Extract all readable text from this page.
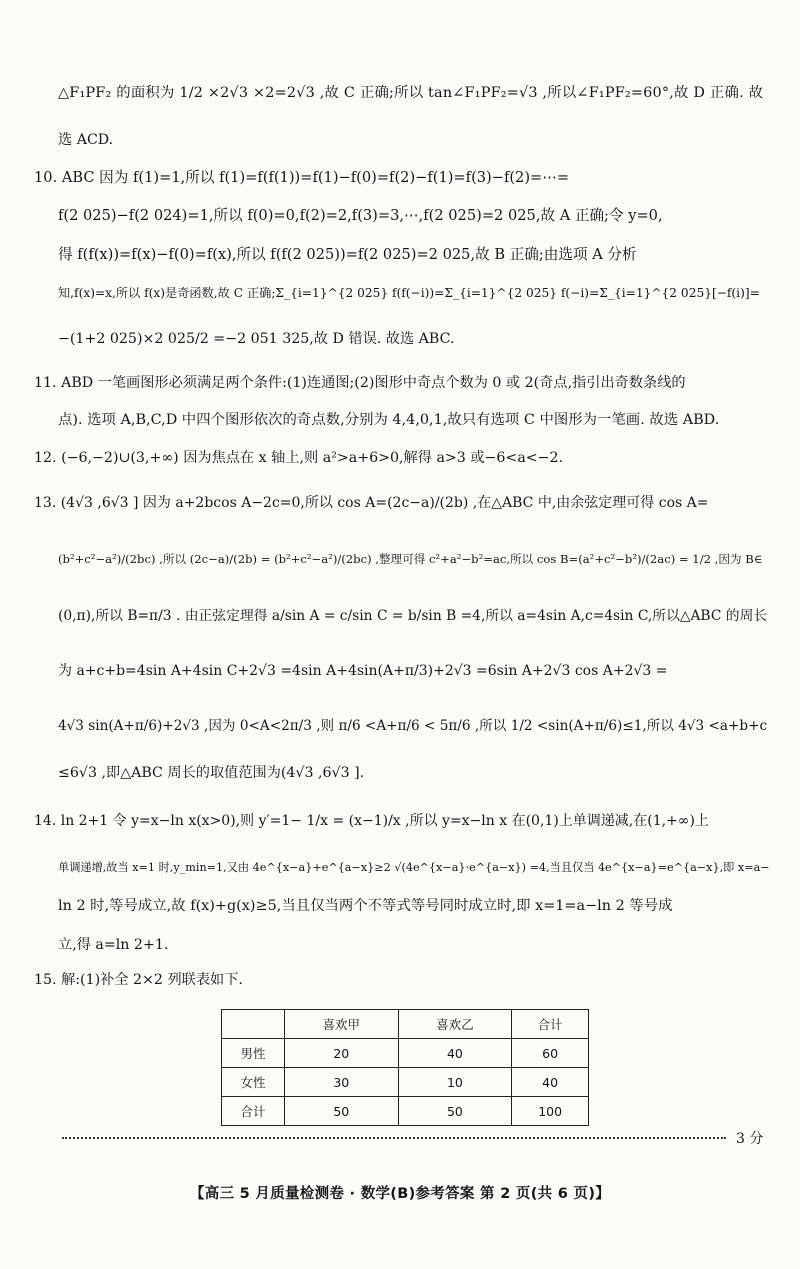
△F₁PF₂ 的面积为 1/2 ×2√3 ×2=2√3 ,故 C 正确;所以 tan∠F₁PF₂=√3 ,所以∠F₁PF₂=60°,故 D 正确. 故
选 ACD.
10. ABC 因为 f(1)=1,所以 f(1)=f(f(1))=f(1)−f(0)=f(2)−f(1)=f(3)−f(2)=⋯=
f(2 025)−f(2 024)=1,所以 f(0)=0,f(2)=2,f(3)=3,⋯,f(2 025)=2 025,故 A 正确;令 y=0,
得 f(f(x))=f(x)−f(0)=f(x),所以 f(f(2 025))=f(2 025)=2 025,故 B 正确;由选项 A 分析
知,f(x)=x,所以 f(x)是奇函数,故 C 正确;Σ_{i=1}^{2 025} f(f(−i))=Σ_{i=1}^{2 025} f(−i)=Σ_{i=1}^{2 025}[−f(i)]=
−(1+2 025)×2 025/2 =−2 051 325,故 D 错误. 故选 ABC.
11. ABD 一笔画图形必须满足两个条件:(1)连通图;(2)图形中奇点个数为 0 或 2(奇点,指引出奇数条线的
点). 选项 A,B,C,D 中四个图形依次的奇点数,分别为 4,4,0,1,故只有选项 C 中图形为一笔画. 故选 ABD.
12. (−6,−2)∪(3,+∞) 因为焦点在 x 轴上,则 a²>a+6>0,解得 a>3 或−6<a<−2.
13. (4√3 ,6√3 ] 因为 a+2bcos A−2c=0,所以 cos A=(2c−a)/(2b) ,在△ABC 中,由余弦定理可得 cos A=
(b²+c²−a²)/(2bc) ,所以 (2c−a)/(2b) = (b²+c²−a²)/(2bc) ,整理可得 c²+a²−b²=ac,所以 cos B=(a²+c²−b²)/(2ac) = 1/2 ,因为 B∈
(0,π),所以 B=π/3 . 由正弦定理得 a/sin A = c/sin C = b/sin B =4,所以 a=4sin A,c=4sin C,所以△ABC 的周长
为 a+c+b=4sin A+4sin C+2√3 =4sin A+4sin(A+π/3)+2√3 =6sin A+2√3 cos A+2√3 =
4√3 sin(A+π/6)+2√3 ,因为 0<A<2π/3 ,则 π/6 <A+π/6 < 5π/6 ,所以 1/2 <sin(A+π/6)≤1,所以 4√3 <a+b+c
≤6√3 ,即△ABC 周长的取值范围为(4√3 ,6√3 ].
14. ln 2+1 令 y=x−ln x(x>0),则 y′=1− 1/x = (x−1)/x ,所以 y=x−ln x 在(0,1)上单调递减,在(1,+∞)上
单调递增,故当 x=1 时,y_min=1,又由 4e^{x−a}+e^{a−x}≥2 √(4e^{x−a}·e^{a−x}) =4,当且仅当 4e^{x−a}=e^{a−x},即 x=a−
ln 2 时,等号成立,故 f(x)+g(x)≥5,当且仅当两个不等式等号同时成立时,即 x=1=a−ln 2 等号成
立,得 a=ln 2+1.
15. 解:(1)补全 2×2 列联表如下.
	喜欢甲	喜欢乙	合计
男性	20	40	60
女性	30	10	40
合计	50	50	100
3 分
【高三 5 月质量检测卷 · 数学(B)参考答案 第 2 页(共 6 页)】
